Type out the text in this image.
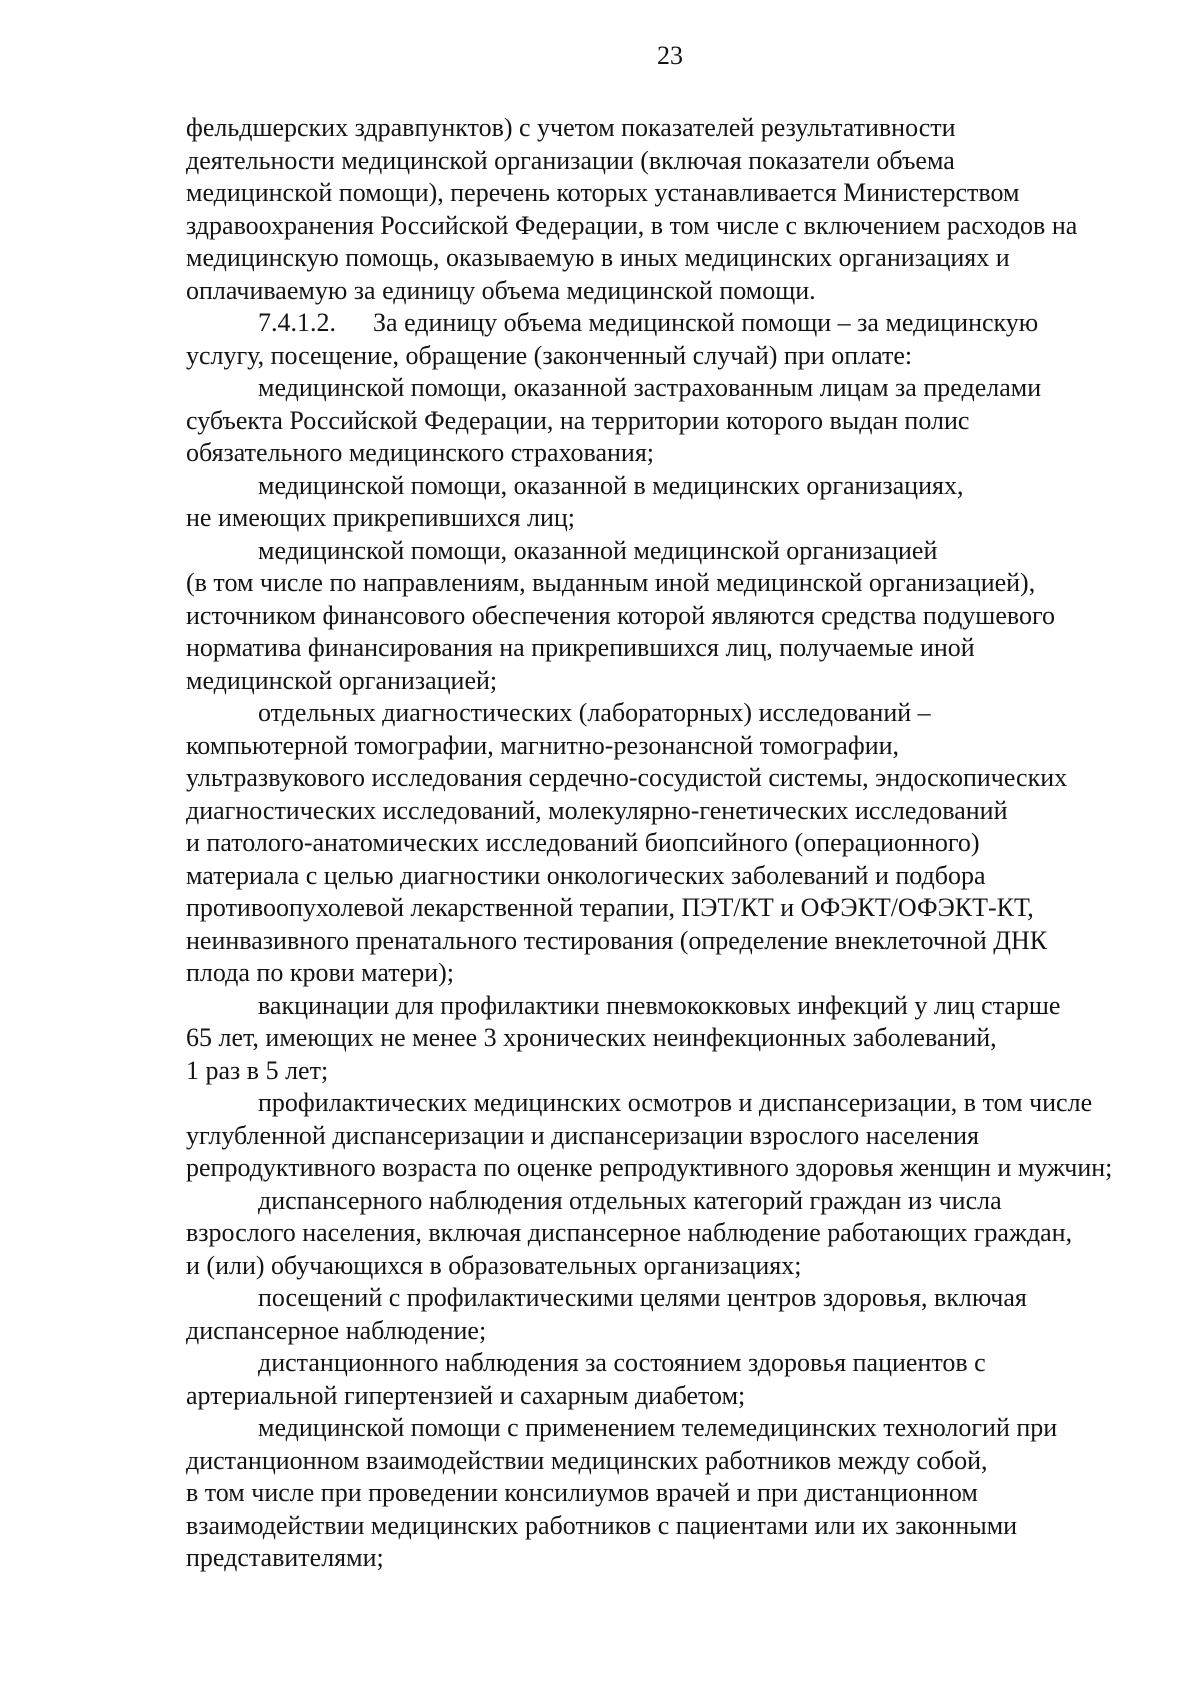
23

фельдшерских здравпунктов) с учетом показателей результативности
деятельности медицинской организации (включая показатели объема
медицинской помощи), перечень которых устанавливается Министерством
здравоохранения Российской Федерации, в том числе с включением расходов на
медицинскую помощь, оказываемую в иных медицинских организациях и
оплачиваемую за единицу объема медицинской помощи.

7.4.1.2. За единицу объема медицинской помощи – за медицинскую
услугу, посещение, обращение (законченный случай) при оплате:

медицинской помощи, оказанной застрахованным лицам за пределами
субъекта Российской Федерации, на территории которого выдан полис
обязательного медицинского страхования;

медицинской помощи, оказанной в медицинских организациях,
не имеющих прикрепившихся лиц;

медицинской помощи, оказанной медицинской организацией
(в том числе по направлениям, выданным иной медицинской организацией),
источником финансового обеспечения которой являются средства подушевого
норматива финансирования на прикрепившихся лиц, получаемые иной
медицинской организацией;

отдельных диагностических (лабораторных) исследований –
компьютерной томографии, магнитно-резонансной томографии,
ультразвукового исследования сердечно-сосудистой системы, эндоскопических
диагностических исследований, молекулярно-генетических исследований
и патолого-анатомических исследований биопсийного (операционного)
материала с целью диагностики онкологических заболеваний и подбора
противоопухолевой лекарственной терапии, ПЭТ/КТ и ОФЭКТ/ОФЭКТ-КТ,
неинвазивного пренатального тестирования (определение внеклеточной ДНК
плода по крови матери);

вакцинации для профилактики пневмококковых инфекций у лиц старше
65 лет, имеющих не менее 3 хронических неинфекционных заболеваний,
1 раз в 5 лет;

профилактических медицинских осмотров и диспансеризации, в том числе
углубленной диспансеризации и диспансеризации взрослого населения
репродуктивного возраста по оценке репродуктивного здоровья женщин и мужчин;

диспансерного наблюдения отдельных категорий граждан из числа
взрослого населения, включая диспансерное наблюдение работающих граждан,
и (или) обучающихся в образовательных организациях;

посещений с профилактическими целями центров здоровья, включая
диспансерное наблюдение;

дистанционного наблюдения за состоянием здоровья пациентов с
артериальной гипертензией и сахарным диабетом;

медицинской помощи с применением телемедицинских технологий при
дистанционном взаимодействии медицинских работников между собой,
в том числе при проведении консилиумов врачей и при дистанционном
взаимодействии медицинских работников с пациентами или их законными
представителями;
